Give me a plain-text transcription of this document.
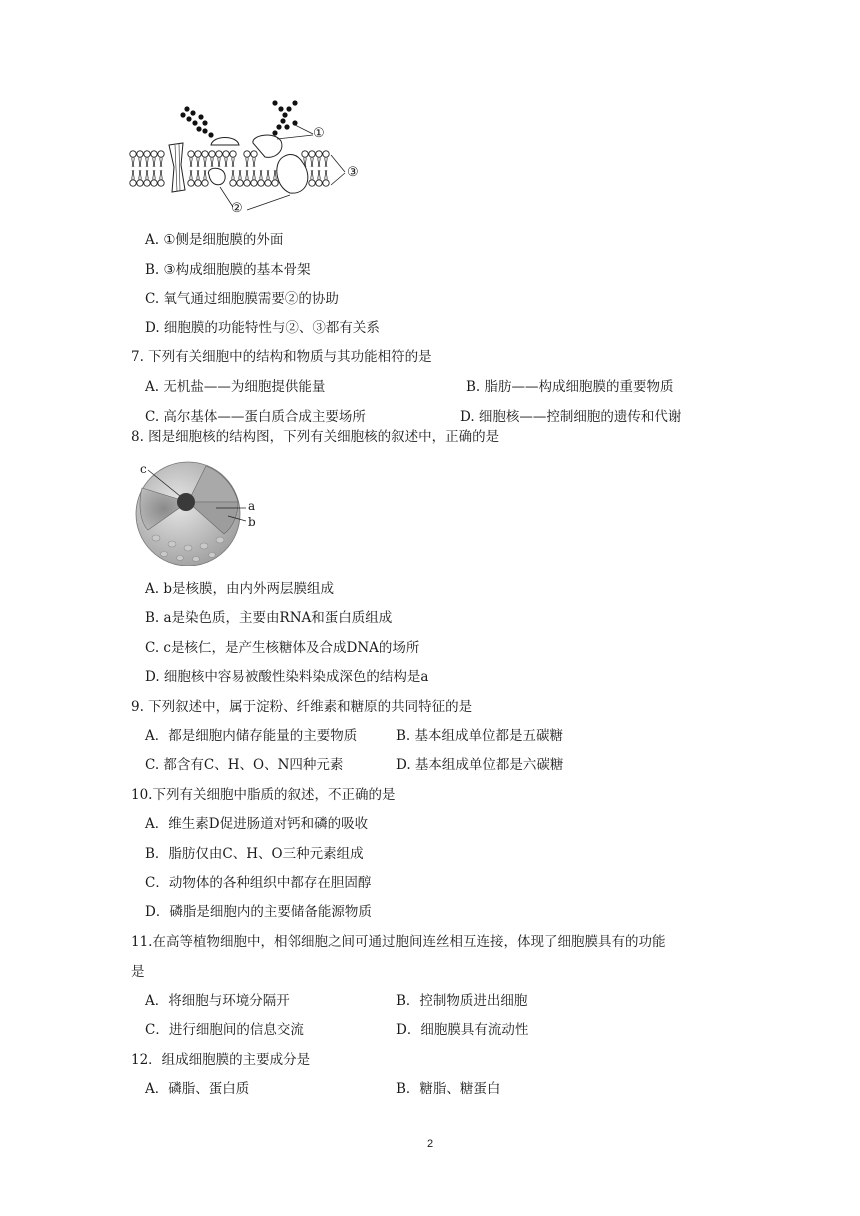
①
③
②
A. ①侧是细胞膜的外面
B. ③构成细胞膜的基本骨架
C. 氧气通过细胞膜需要②的协助
D. 细胞膜的功能特性与②、③都有关系
7. 下列有关细胞中的结构和物质与其功能相符的是
A. 无机盐——为细胞提供能量	B. 脂肪——构成细胞膜的重要物质
C. 高尔基体——蛋白质合成主要场所	D. 细胞核——控制细胞的遗传和代谢
8. 图是细胞核的结构图，下列有关细胞核的叙述中，正确的是
c
a
b
A. b是核膜，由内外两层膜组成
B. a是染色质，主要由RNA和蛋白质组成
C. c是核仁，是产生核糖体及合成DNA的场所
D. 细胞核中容易被酸性染料染成深色的结构是a
9. 下列叙述中，属于淀粉、纤维素和糖原的共同特征的是
A．都是细胞内储存能量的主要物质	B. 基本组成单位都是五碳糖
C. 都含有C、H、O、N四种元素	D. 基本组成单位都是六碳糖
10.下列有关细胞中脂质的叙述，不正确的是
A．维生素D促进肠道对钙和磷的吸收
B．脂肪仅由C、H、O三种元素组成
C．动物体的各种组织中都存在胆固醇
D．磷脂是细胞内的主要储备能源物质
11.在高等植物细胞中，相邻细胞之间可通过胞间连丝相互连接，体现了细胞膜具有的功能
是
A．将细胞与环境分隔开	B．控制物质进出细胞
C．进行细胞间的信息交流	D．细胞膜具有流动性
12．组成细胞膜的主要成分是
A．磷脂、蛋白质	B．糖脂、糖蛋白
2
